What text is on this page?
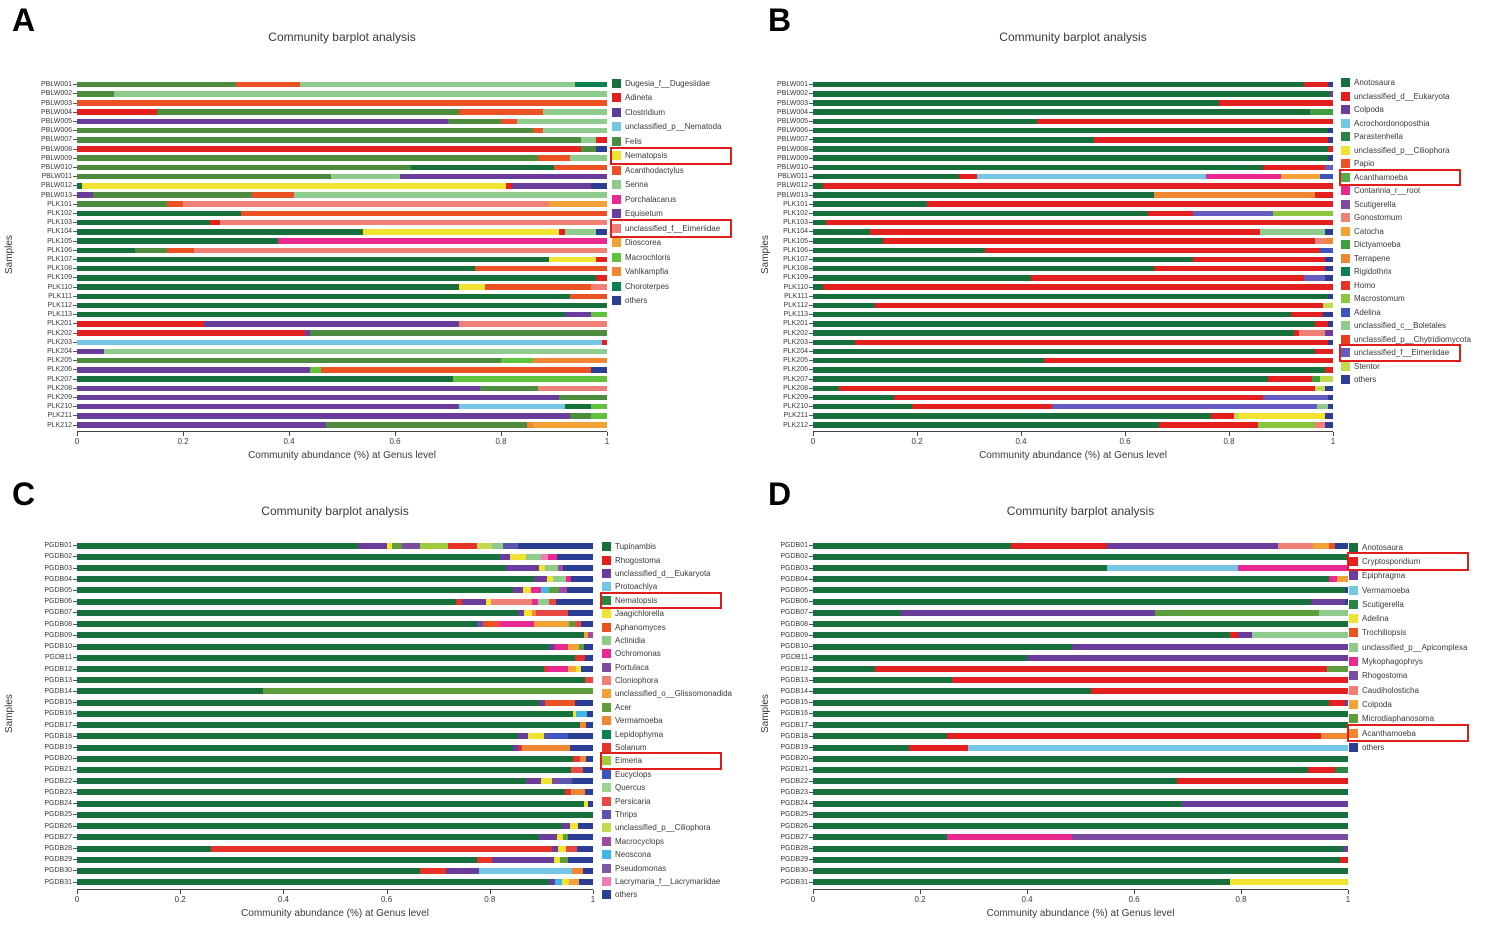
A	Community barplot analysis
Samples
PBLW001
PBLW002
PBLW003
PBLW004
PBLW005
PBLW006
PBLW007
PBLW008
PBLW009
PBLW010
PBLW011
PBLW012
PBLW013
PLK101
PLK102
PLK103
PLK104
PLK105
PLK106
PLK107
PLK108
PLK109
PLK110
PLK111
PLK112
PLK113
PLK201
PLK202
PLK203
PLK204
PLK205
PLK206
PLK207
PLK208
PLK209
PLK210
PLK211
PLK212
0	0.2	0.4	0.6	0.8	1
Community abundance (%) at Genus level
Dugesia_f__Dugesiidae
Adineta
Clostridium
unclassified_p__Nematoda
Felis
Nematopsis
Acanthodactylus
Senna
Porchalacarus
Equisetum
unclassified_f__Eimeriidae
Dioscorea
Macrochloris
Vahlkampfia
Choroterpes
others
B	Community barplot analysis
Samples
PBLW001
PBLW002
PBLW003
PBLW004
PBLW005
PBLW006
PBLW007
PBLW008
PBLW009
PBLW010
PBLW011
PBLW012
PBLW013
PLK101
PLK102
PLK103
PLK104
PLK105
PLK106
PLK107
PLK108
PLK109
PLK110
PLK111
PLK112
PLK113
PLK201
PLK202
PLK203
PLK204
PLK205
PLK206
PLK207
PLK208
PLK209
PLK210
PLK211
PLK212
0	0.2	0.4	0.6	0.8	1
Community abundance (%) at Genus level
Anotosaura
unclassified_d__Eukaryota
Colpoda
Acrochordonoposthia
Parastenhella
unclassified_p__Ciliophora
Papio
Acanthamoeba
Contarinia_r__root
Scutigerella
Gonostomum
Catocha
Dictyamoeba
Terrapene
Rigidothrix
Homo
Macrostomum
Adelina
unclassified_c__Boletales
unclassified_p__Chytridiomycota
unclassified_f__Eimeriidae
Stentor
others
C	Community barplot analysis
Samples
PGDB01
PGDB02
PGDB03
PGDB04
PGDB05
PGDB06
PGDB07
PGDB08
PGDB09
PGDB10
PGDB11
PGDB12
PGDB13
PGDB14
PGDB15
PGDB16
PGDB17
PGDB18
PGDB19
PGDB20
PGDB21
PGDB22
PGDB23
PGDB24
PGDB25
PGDB26
PGDB27
PGDB28
PGDB29
PGDB30
PGDB31
0	0.2	0.4	0.6	0.8	1
Community abundance (%) at Genus level
Tupinambis
Rhogostoma
unclassified_d__Eukaryota
Protoachlya
Nematopsis
Jaagichlorella
Aphanomyces
Actinidia
Ochromonas
Portulaca
Cloniophora
unclassified_o__Glissomonadida
Acer
Vermamoeba
Lepidophyma
Solanum
Eimeria
Eucyclops
Quercus
Persicaria
Thrips
unclassified_p__Ciliophora
Macrocyclops
Neoscona
Pseudomonas
Lacrymaria_f__Lacrymariidae
others
D	Community barplot analysis
Samples
PGDB01
PGDB02
PGDB03
PGDB04
PGDB05
PGDB06
PGDB07
PGDB08
PGDB09
PGDB10
PGDB11
PGDB12
PGDB13
PGDB14
PGDB15
PGDB16
PGDB17
PGDB18
PGDB19
PGDB20
PGDB21
PGDB22
PGDB23
PGDB24
PGDB25
PGDB26
PGDB27
PGDB28
PGDB29
PGDB30
PGDB31
0	0.2	0.4	0.6	0.8	1
Community abundance (%) at Genus level
Anotosaura
Cryptosporidium
Epiphragma
Vermamoeba
Scutigerella
Adelina
Trochiliopsis
unclassified_p__Apicomplexa
Mykophagophrys
Rhogostoma
Caudiholosticha
Colpoda
Microdiaphanosoma
Acanthamoeba
others
